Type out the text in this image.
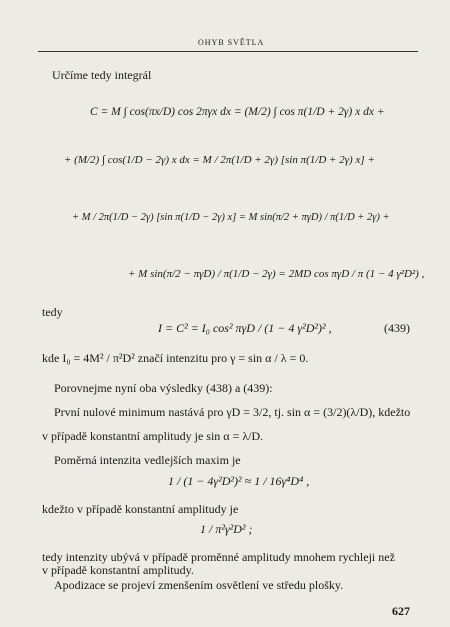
OHYB SVĚTLA
Určíme tedy integrál
C = M ∫ cos(πx/D) cos 2πγx dx = (M/2) ∫ cos π(1/D + 2γ) x dx +
+ (M/2) ∫ cos(1/D − 2γ) x dx = M / 2π(1/D + 2γ) [sin π(1/D + 2γ) x] +
+ M / 2π(1/D − 2γ) [sin π(1/D − 2γ) x] = M sin(π/2 + πγD) / π(1/D + 2γ) +
+ M sin(π/2 − πγD) / π(1/D − 2γ) = 2MD cos πγD / π (1 − 4 γ²D²) ,
tedy
I = C² = I₀ cos² πγD / (1 − 4 γ²D²)² ,	(439)
kde I₀ = 4M² / π²D² značí intenzitu pro γ = sin α / λ = 0.
Porovnejme nyní oba výsledky (438) a (439):
První nulové minimum nastává pro γD = 3/2, tj. sin α = (3/2)(λ/D), kdežto
v případě konstantní amplitudy je sin α = λ/D.
Poměrná intenzita vedlejších maxim je
1 / (1 − 4γ²D²)² ≈ 1 / 16γ⁴D⁴ ,
kdežto v případě konstantní amplitudy je
1 / π²γ²D² ;
tedy intenzity ubývá v případě proměnné amplitudy mnohem rychleji než
v případě konstantní amplitudy.
Apodizace se projeví zmenšením osvětlení ve středu plošky.
627
